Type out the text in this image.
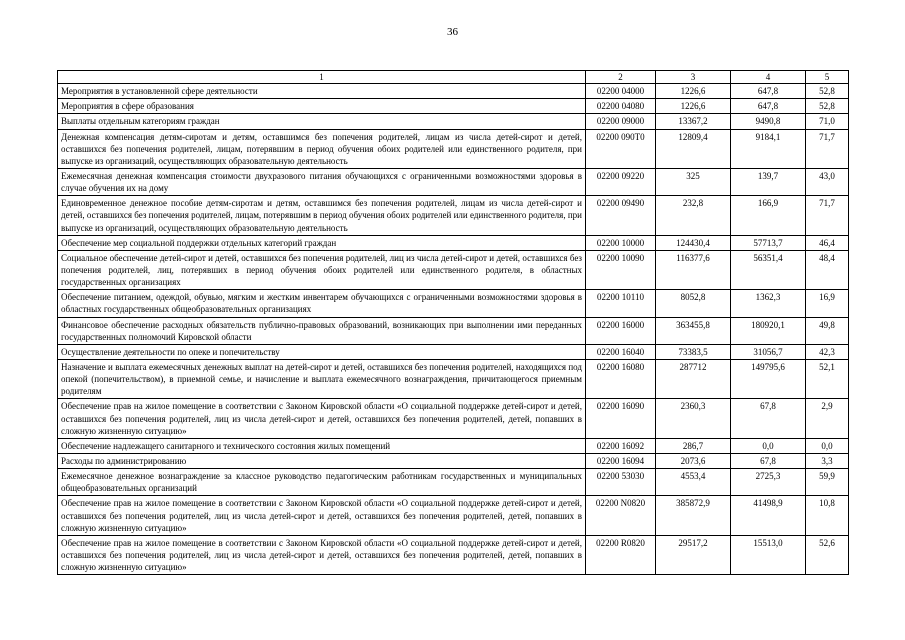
36
1	2	3	4	5
Мероприятия в установленной сфере деятельности	02200 04000	1226,6	647,8	52,8
Мероприятия в сфере образования	02200 04080	1226,6	647,8	52,8
Выплаты отдельным категориям граждан	02200 09000	13367,2	9490,8	71,0
Денежная компенсация детям-сиротам и детям, оставшимся без попечения родителей, лицам из числа детей-сирот и детей, оставшихся без попечения родителей, лицам, потерявшим в период обучения обоих родителей или единственного родителя, при выпуске из организаций, осуществляющих образовательную деятельность	02200 090T0	12809,4	9184,1	71,7
Ежемесячная денежная компенсация стоимости двухразового питания обучающихся с ограниченными возможностями здоровья в случае обучения их на дому	02200 09220	325	139,7	43,0
Единовременное денежное пособие детям-сиротам и детям, оставшимся без попечения родителей, лицам из числа детей-сирот и детей, оставшихся без попечения родителей, лицам, потерявшим в период обучения обоих родителей или единственного родителя, при выпуске из организаций, осуществляющих образовательную деятельность	02200 09490	232,8	166,9	71,7
Обеспечение мер социальной поддержки отдельных категорий граждан	02200 10000	124430,4	57713,7	46,4
Социальное обеспечение детей-сирот и детей, оставшихся без попечения родителей, лиц из числа детей-сирот и детей, оставшихся без попечения родителей, лиц, потерявших в период обучения обоих родителей или единственного родителя, в областных государственных организациях	02200 10090	116377,6	56351,4	48,4
Обеспечение питанием, одеждой, обувью, мягким и жестким инвентарем обучающихся с ограниченными возможностями здоровья в областных государственных общеобразовательных организациях	02200 10110	8052,8	1362,3	16,9
Финансовое обеспечение расходных обязательств публично-правовых образований, возникающих при выполнении ими переданных государственных полномочий Кировской области	02200 16000	363455,8	180920,1	49,8
Осуществление деятельности по опеке и попечительству	02200 16040	73383,5	31056,7	42,3
Назначение и выплата ежемесячных денежных выплат на детей-сирот и детей, оставшихся без попечения родителей, находящихся под опекой (попечительством), в приемной семье, и начисление и выплата ежемесячного вознаграждения, причитающегося приемным родителям	02200 16080	287712	149795,6	52,1
Обеспечение прав на жилое помещение в соответствии с Законом Кировской области «О социальной поддержке детей-сирот и детей, оставшихся без попечения родителей, лиц из числа детей-сирот и детей, оставшихся без попечения родителей, детей, попавших в сложную жизненную ситуацию»	02200 16090	2360,3	67,8	2,9
Обеспечение надлежащего санитарного и технического состояния жилых помещений	02200 16092	286,7	0,0	0,0
Расходы по администрированию	02200 16094	2073,6	67,8	3,3
Ежемесячное денежное вознаграждение за классное руководство педагогическим работникам государственных и муниципальных общеобразовательных организаций	02200 53030	4553,4	2725,3	59,9
Обеспечение прав на жилое помещение в соответствии с Законом Кировской области «О социальной поддержке детей-сирот и детей, оставшихся без попечения родителей, лиц из числа детей-сирот и детей, оставшихся без попечения родителей, детей, попавших в сложную жизненную ситуацию»	02200 N0820	385872,9	41498,9	10,8
Обеспечение прав на жилое помещение в соответствии с Законом Кировской области «О социальной поддержке детей-сирот и детей, оставшихся без попечения родителей, лиц из числа детей-сирот и детей, оставшихся без попечения родителей, детей, попавших в сложную жизненную ситуацию»	02200 R0820	29517,2	15513,0	52,6
